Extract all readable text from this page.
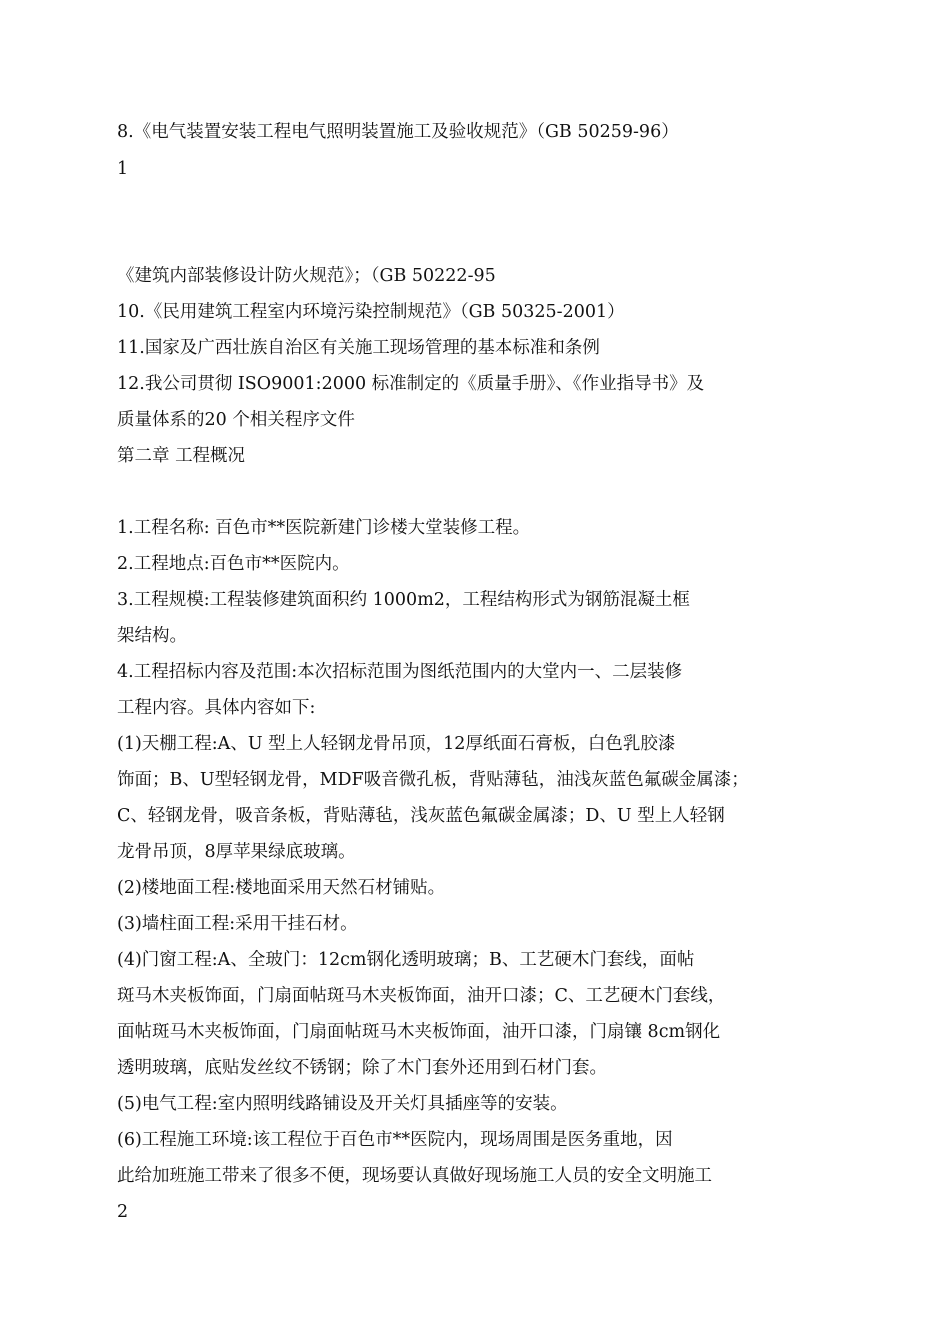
8.《电气装置安装工程电气照明装置施工及验收规范》（GB 50259-96）
1
《建筑内部装修设计防火规范》；（GB 50222-95
10.《民用建筑工程室内环境污染控制规范》（GB 50325-2001）
11.国家及广西壮族自治区有关施工现场管理的基本标准和条例
12.我公司贯彻 ISO9001:2000 标准制定的《质量手册》、《作业指导书》及
质量体系的20 个相关程序文件
第二章 工程概况
1.工程名称: 百色市**医院新建门诊楼大堂装修工程。
2.工程地点:百色市**医院内。
3.工程规模:工程装修建筑面积约 1000m2，工程结构形式为钢筋混凝土框
架结构。
4.工程招标内容及范围:本次招标范围为图纸范围内的大堂内一、二层装修
工程内容。具体内容如下:
(1)天棚工程:A、U 型上人轻钢龙骨吊顶，12厚纸面石膏板，白色乳胶漆
饰面；B、U型轻钢龙骨，MDF吸音微孔板，背贴薄毡，油浅灰蓝色氟碳金属漆；
C、轻钢龙骨，吸音条板，背贴薄毡，浅灰蓝色氟碳金属漆；D、U 型上人轻钢
龙骨吊顶，8厚苹果绿底玻璃。
(2)楼地面工程:楼地面采用天然石材铺贴。
(3)墙柱面工程:采用干挂石材。
(4)门窗工程:A、全玻门：12cm钢化透明玻璃；B、工艺硬木门套线，面帖
斑马木夹板饰面，门扇面帖斑马木夹板饰面，油开口漆；C、工艺硬木门套线，
面帖斑马木夹板饰面，门扇面帖斑马木夹板饰面，油开口漆，门扇镶 8cm钢化
透明玻璃，底贴发丝纹不锈钢；除了木门套外还用到石材门套。
(5)电气工程:室内照明线路铺设及开关灯具插座等的安装。
(6)工程施工环境:该工程位于百色市**医院内，现场周围是医务重地，因
此给加班施工带来了很多不便，现场要认真做好现场施工人员的安全文明施工
2
